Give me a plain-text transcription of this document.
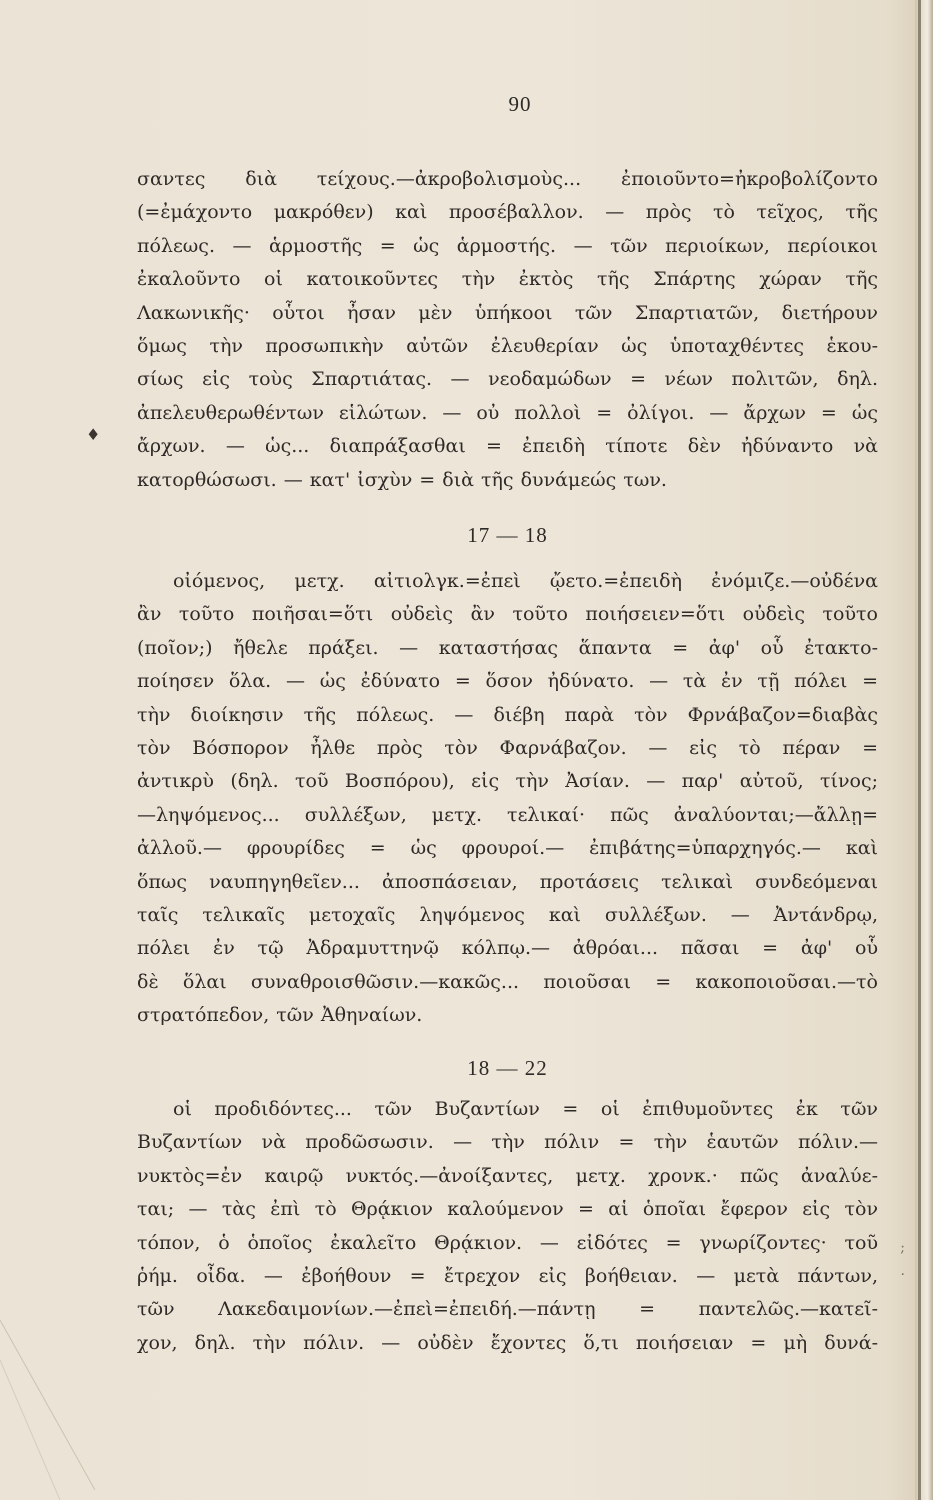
90
♦
;
.
σαντες διὰ τείχους.—ἀκροβολισμοὺς... ἐποιοῦντο=ἠκροβολίζοντο
(=ἐμάχοντο μακρόθεν) καὶ προσέβαλλον. — πρὸς τὸ τεῖχος, τῆς
πόλεως. — ἁρμοστῆς = ὡς ἁρμοστής. — τῶν περιοίκων, περίοικοι
ἐκαλοῦντο οἱ κατοικοῦντες τὴν ἐκτὸς τῆς Σπάρτης χώραν τῆς
Λακωνικῆς· οὗτοι ἦσαν μὲν ὑπήκοοι τῶν Σπαρτιατῶν, διετήρουν
ὅμως τὴν προσωπικὴν αὐτῶν ἐλευθερίαν ὡς ὑποταχθέντες ἑκου-
σίως εἰς τοὺς Σπαρτιάτας. — νεοδαμώδων = νέων πολιτῶν, δηλ.
ἀπελευθερωθέντων εἱλώτων. — οὐ πολλοὶ = ὀλίγοι. — ἄρχων = ὡς
ἄρχων. — ὡς... διαπράξασθαι = ἐπειδὴ τίποτε δὲν ἠδύναντο νὰ
κατορθώσωσι. — κατ' ἰσχὺν = διὰ τῆς δυνάμεώς των.
17 — 18
οἰόμενος, μετχ. αἰτιολγκ.=ἐπεὶ ᾤετο.=ἐπειδὴ ἐνόμιζε.—οὐδένα
ἂν τοῦτο ποιῆσαι=ὅτι οὐδεὶς ἂν τοῦτο ποιήσειεν=ὅτι οὐδεὶς τοῦτο
(ποῖον;) ἤθελε πράξει. — καταστήσας ἅπαντα = ἀφ' οὗ ἐτακτο-
ποίησεν ὅλα. — ὡς ἐδύνατο = ὅσον ἠδύνατο. — τὰ ἐν τῇ πόλει =
τὴν διοίκησιν τῆς πόλεως. — διέβη παρὰ τὸν Φρνάβαζον=διαβὰς
τὸν Βόσπορον ἦλθε πρὸς τὸν Φαρνάβαζον. — εἰς τὸ πέραν =
ἀντικρὺ (δηλ. τοῦ Βοσπόρου), εἰς τὴν Ἀσίαν. — παρ' αὐτοῦ, τίνος;
—ληψόμενος... συλλέξων, μετχ. τελικαί· πῶς ἀναλύονται;—ἄλλῃ=
ἀλλοῦ.— φρουρίδες = ὡς φρουροί.— ἐπιβάτης=ὑπαρχηγός.— καὶ
ὅπως ναυπηγηθεῖεν... ἀποσπάσειαν, προτάσεις τελικαὶ συνδεόμεναι
ταῖς τελικαῖς μετοχαῖς ληψόμενος καὶ συλλέξων. — Ἀντάνδρῳ,
πόλει ἐν τῷ Ἀδραμυττηνῷ κόλπῳ.— ἀθρόαι... πᾶσαι = ἀφ' οὗ
δὲ ὅλαι συναθροισθῶσιν.—κακῶς... ποιοῦσαι = κακοποιοῦσαι.—τὸ
στρατόπεδον, τῶν Ἀθηναίων.
18 — 22
οἱ προδιδόντες... τῶν Βυζαντίων = οἱ ἐπιθυμοῦντες ἐκ τῶν
Βυζαντίων νὰ προδῶσωσιν. — τὴν πόλιν = τὴν ἑαυτῶν πόλιν.—
νυκτὸς=ἐν καιρῷ νυκτός.—ἀνοίξαντες, μετχ. χρονκ.· πῶς ἀναλύε-
ται; — τὰς ἐπὶ τὸ Θρᾴκιον καλούμενον = αἱ ὁποῖαι ἔφερον εἰς τὸν
τόπον, ὁ ὁποῖος ἐκαλεῖτο Θρᾴκιον. — εἰδότες = γνωρίζοντες· τοῦ
ῥήμ. οἶδα. — ἐβοήθουν = ἔτρεχον εἰς βοήθειαν. — μετὰ πάντων,
τῶν Λακεδαιμονίων.—ἐπεὶ=ἐπειδή.—πάντῃ = παντελῶς.—κατεῖ-
χον, δηλ. τὴν πόλιν. — οὐδὲν ἔχοντες ὅ,τι ποιήσειαν = μὴ δυνά-
